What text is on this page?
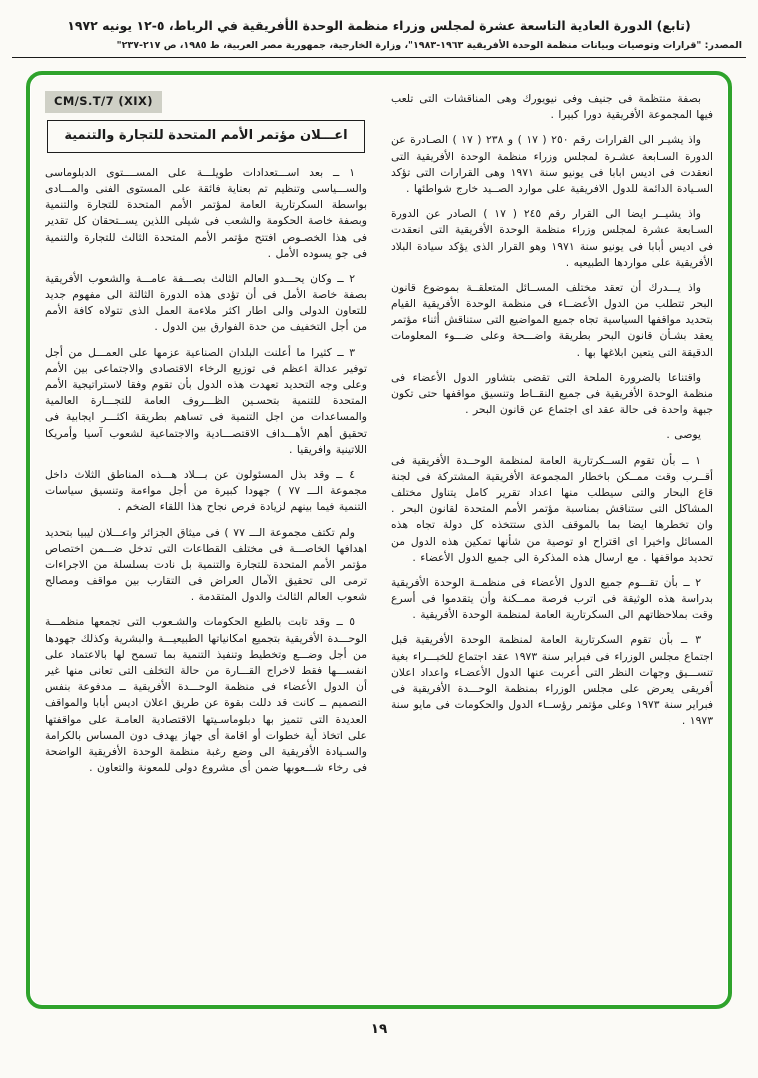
(تابع) الدورة العادية التاسعة عشرة لمجلس وزراء منظمة الوحدة الأفريقية في الرباط، ٥-١٢ يونيه ١٩٧٢
المصدر: "قرارات وتوصيات وبيانات منظمة الوحدة الأفريقية ١٩٦٣-١٩٨٣"، وزارة الخارجية، جمهورية مصر العربية، ط ١٩٨٥، ص ٢١٧-٢٣٧"

بصفة منتظمة فى جنيف وفى نيويورك وهى المناقشات التى تلعب فيها المجموعة الأفريقية دورا كبيرا .

واذ يشيـر الى القرارات رقم ٢٥٠ ( ١٧ ) و ٢٣٨ ( ١٧ ) الصـادرة عن الدورة السـابعة عشـرة لمجلس وزراء منظمة الوحدة الأفريقية التى انعقدت فى اديس ابابا فى يونيو سنة ١٩٧١ وهى القرارات التى تؤكد السـيادة الدائمة للدول الافريقية على موارد الصــيد خارج شواطئها .

واذ يشيــر ايضا الى القرار رقم ٢٤٥ ( ١٧ ) الصادر عن الدورة السـابعة عشرة لمجلس وزراء منظمة الوحدة الأفريقية التى انعقدت فى اديس أبابا فى يونيو سنة ١٩٧١ وهو القرار الذى يؤكد سيادة البلاد الأفريقية على مواردها الطبيعيه .

واذ يـــدرك أن تعقد مختلف المســائل المتعلقــة بموضوع قانون البحر تتطلب من الدول الأعضــاء فى منظمة الوحدة الأفريقية القيام بتحديد مواقفها السياسية تجاه جميع المواضيع التى ستناقش أثناء مؤتمر يعقد بشـأن قانون البحر بطريقة واضـــحة وعلى ضـــوء المعلومات الدقيقة التى يتعين ابلاغها بها .

واقتناعا بالضرورة الملحة التى تقضى بتشاور الدول الأعضاء فى منظمة الوحدة الأفريقية فى جميع النقــاط وتنسيق مواقفها حتى تكون جبهة واحدة فى حالة عقد اى اجتماع عن قانون البحر .

يوصى .

١ ــ بأن تقوم الســكرتارية العامة لمنظمة الوحــدة الأفريقية فى أقــرب وقت ممــكن باخطار المجموعة الأفريقية المشتركة فى لجنة قاع البحار والتى سيطلب منها اعداد تقرير كامل يتناول مختلف المشاكل التى ستناقش بمناسبة مؤتمر الأمم المتحدة لقانون البحر . وان تخطرها ايضا بما بالموقف الذى ستتخذه كل دولة تجاه هذه المسائل واخيرا اى اقتراح او توصية من شأنها تمكين هذه الدول من تحديد مواقفها . مع ارسال هذه المذكرة الى جميع الدول الأعضاء .

٢ ــ بأن تقـــوم جميع الدول الأعضاء فى منظمــة الوحدة الأفريقية بدراسة هذه الوثيقة فى اترب فرصة ممــكنة وأن يتقدموا فى أسرع وقت بملاحظاتهم الى السكرتارية العامة لمنظمة الوحدة الأفريقية .

٣ ــ بأن تقوم السكرتارية العامة لمنظمة الوحدة الأفريقية قبل اجتماع مجلس الوزراء فى فبراير سنة ١٩٧٣ عقد اجتماع للخبـــراء بغية تنســـيق وجهات النظر التى أعربت عنها الدول الأعضـاء واعداد اعلان أفريقى يعرض على مجلس الوزراء بمنظمة الوحـــدة الأفريقية فى فبراير سنة ١٩٧٣ وعلى مؤتمر رؤســاء الدول والحكومات فى مايو سنة ١٩٧٣ .

CM/S.T/7 (XIX)
اعـــلان مؤتمر الأمم المتحدة للتجارة والتنمية

١ ــ بعد اســـتعدادات طويلـــة على المســــتوى الدبلوماسى والســـياسى وتنظيم تم بعناية فائقة على المستوى الفنى والمـــادى بواسطة السكرتارية العامة لمؤتمر الأمم المتحدة للتجارة والتنمية وبصفة خاصة الحكومة والشعب فى شيلى اللذين يســتحقان كل تقدير فى هذا الخصـوص افتتح مؤتمر الأمم المتحدة الثالث للتجارة والتنمية فى جو يسوده الأمل .

٢ ــ وكان يحـــدو العالم الثالث بصـــفة عامـــة والشعوب الأفريقية بصفة خاصة الأمل فى أن تؤدى هذه الدورة الثالثة الى مفهوم جديد للتعاون الدولى والى اطار اكثر ملاءمة العمل الذى تتولاه كافة الأمم من أجل التخفيف من حدة الفوارق بين الدول .

٣ ــ كثيرا ما أعلنت البلدان الصناعية عزمها على العمـــل من أجل توفير عدالة اعظم فى توزيع الرخاء الاقتصادى والاجتماعى بين الأمم وعلى وجه التحديد تعهدت هذه الدول بأن تقوم وفقا لاستراتيجية الأمم المتحدة للتنمية بتحسـين الظـــروف العامة للتجـــارة العالمية والمساعدات من اجل التنمية فى تساهم بطريقة اكثـــر ايجابية فى تحقيق أهم الأهـــداف الاقتصـــادية والاجتماعية لشعوب آسيا وأمريكا اللاتينية وافريقيا .

٤ ــ وقد بذل المسئولون عن بـــلاد هـــذه المناطق الثلاث داخل مجموعة الـــ ٧٧ ) جهودا كبيرة من أجل مواءمة وتنسيق سياسات التنمية فيما بينهم لزيادة فرص نجاح هذا اللقاء الضخم .

ولم تكتف مجموعة الـــ ٧٧ ) فى ميثاق الجزائر واعـــلان ليبيا بتحديد اهدافها الخاصـــة فى مختلف القطاعات التى تدخل ضـــمن اختصاص مؤتمر الأمم المتحدة للتجارة والتنمية بل نادت بسلسلة من الاجراءات ترمى الى تحقيق الآمال العراض فى التقارب بين مواقف ومصالح شعوب العالم الثالث والدول المتقدمة .

٥ ــ وقد تابت بالطبع الحكومات والشـعوب التى تجمعها منظمـــة الوحـــدة الأفريقية بتجميع امكانياتها الطبيعيـــة والبشرية وكذلك جهودها من أجل وضـــع وتخطيط وتنفيذ التنمية بما تسمح لها بالاعتماد على انفســـها فقط لاخراج القـــارة من حالة التخلف التى تعانى منها غير أن الدول الأعضاء فى منظمة الوحـــدة الأفريقية ــ مدفوعة بنفس التصميم ــ كانت قد دللت بقوة عن طريق اعلان اديس أبابا والمواقف العديدة التى تتميز بها دبلوماسـيتها الاقتصادية العامـة على مواقفتها على اتخاذ أية خطوات أو اقامة أى جهاز يهدف دون المساس بالكرامة والسـيادة الأفريقية الى وضع رغبة منظمة الوحدة الأفريقية الواضحة فى رخاء شـــعوبها ضمن أى مشروع دولى للمعونة والتعاون .

١٩
